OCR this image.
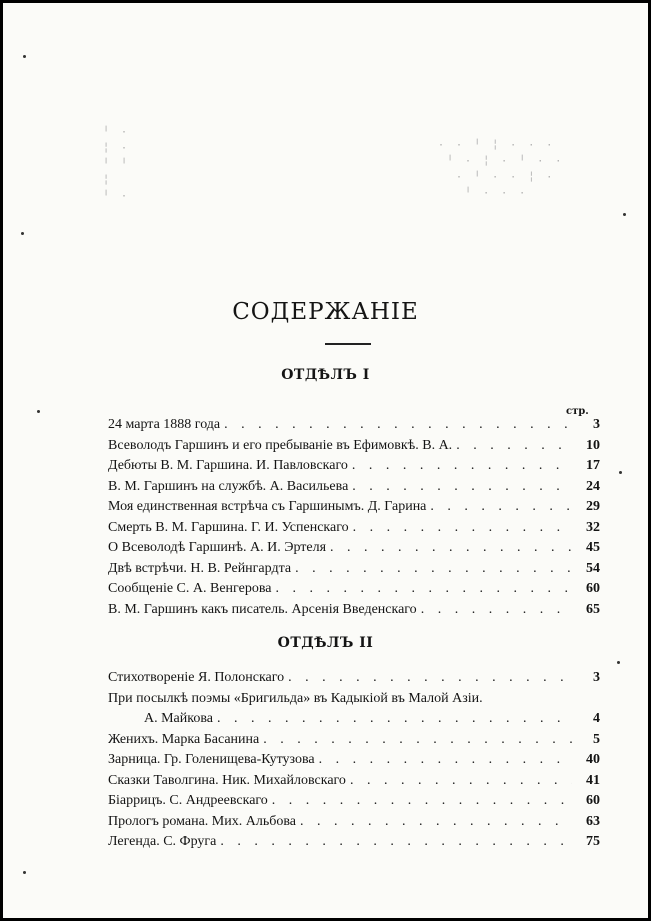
╵ ·
╎ ·
╵ ╵
╎
╵ ·
· · ╵ ╎ · · ·
╵ · ╎ · ╵ · ·
· ╵ · · ╎ ·
╵ · · ·
СОДЕРЖАНІЕ
ОТДѢЛЪ I
стр.
24 марта 1888 года . . .	3
Всеволодъ Гаршинъ и его пребываніе въ Ефимовкѣ. В. А. . . .	10
Дебюты В. М. Гаршина. И. Павловскаго . . .	17
В. М. Гаршинъ на службѣ. А. Васильева . . .	24
Моя единственная встрѣча съ Гаршинымъ. Д. Гарина . . .	29
Смерть В. М. Гаршина. Г. И. Успенскаго . . .	32
О Всеволодѣ Гаршинѣ. А. И. Эртеля . . .	45
Двѣ встрѣчи. Н. В. Рейнгардта . . .	54
Сообщеніе С. А. Венгерова . . .	60
В. М. Гаршинъ какъ писатель. Арсенія Введенскаго . . .	65
ОТДѢЛЪ II
Стихотвореніе Я. Полонскаго . . .	3
При посылкѣ поэмы «Бригильда» въ Кадыкіой въ Малой Азіи.
А. Майкова . . .	4
Женихъ. Марка Басанина . . .	5
Зарница. Гр. Голенищева-Кутузова . . .	40
Сказки Таволгина. Ник. Михайловскаго . . .	41
Біаррицъ. С. Андреевскаго . . .	60
Прологъ романа. Мих. Альбова . . .	63
Легенда. С. Фруга . . .	75
